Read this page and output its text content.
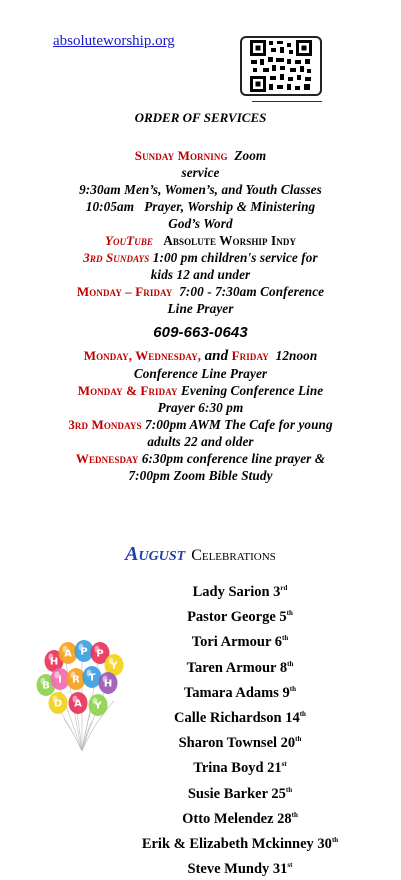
absoluteworship.org
ORDER OF SERVICES
Sunday Morning Zoom
service
9:30am Men’s, Women’s, and Youth Classes
10:05am   Prayer, Worship & Ministering
God’s Word
YouTube Absolute Worship Indy
3rd Sundays 1:00 pm children's service for
kids 12 and under
Monday – Friday 7:00 - 7:30am Conference
Line Prayer
609-663-0643
Monday, Wednesday, and Friday 12noon
Conference Line Prayer
Monday & Friday Evening Conference Line
Prayer 6:30 pm
3rd Mondays 7:00pm AWM The Cafe for young
adults 22 and older
Wednesday 6:30pm conference line prayer &
7:00pm Zoom Bible Study
August Celebrations
H
A P P
Y
B
I R T
H
D A Y
Lady Sarion 3rd
Pastor George 5th
Tori Armour 6th
Taren Armour 8th
Tamara Adams 9th
Calle Richardson 14th
Sharon Townsel 20th
Trina Boyd 21st
Susie Barker 25th
Otto Melendez 28th
Erik & Elizabeth Mckinney 30th
Steve Mundy 31st
